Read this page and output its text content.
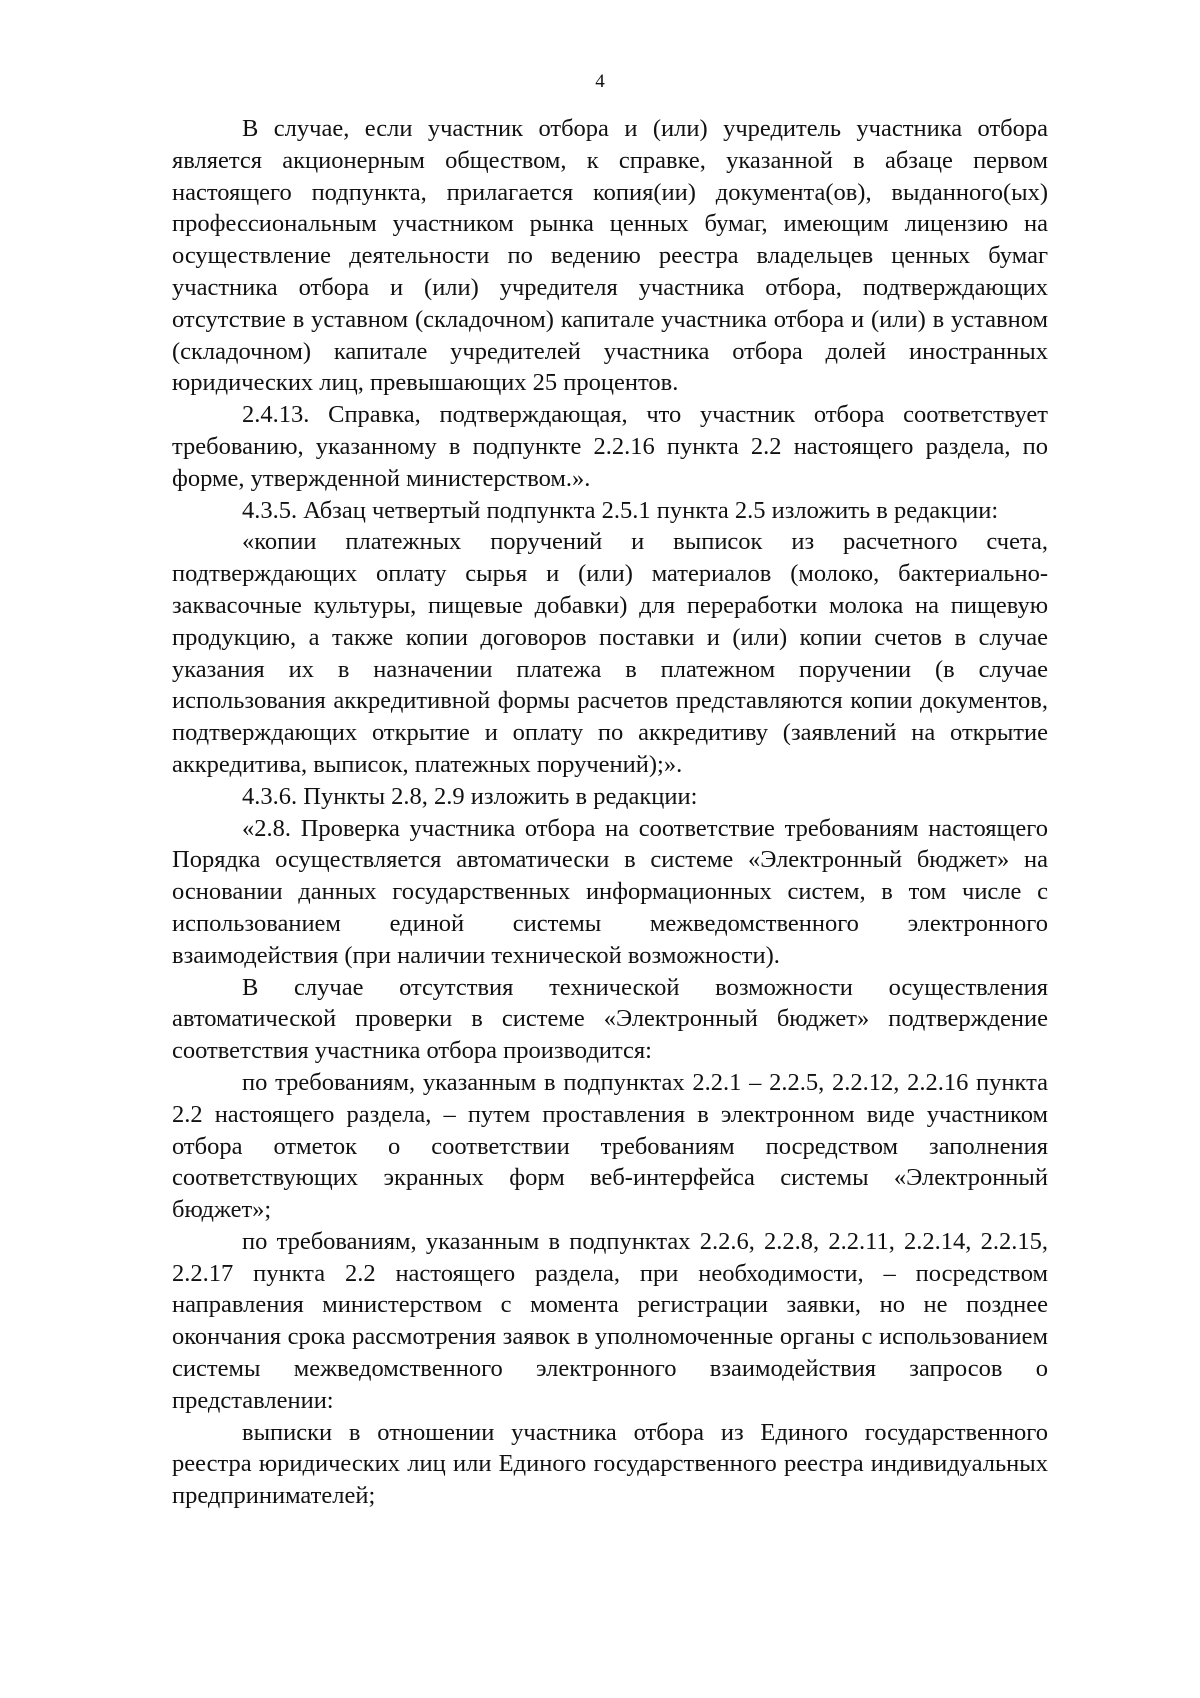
4

В случае, если участник отбора и (или) учредитель участника отбора является акционерным обществом, к справке, указанной в абзаце первом настоящего подпункта, прилагается копия(ии) документа(ов), выданного(ых) профессиональным участником рынка ценных бумаг, имеющим лицензию на осуществление деятельности по ведению реестра владельцев ценных бумаг участника отбора и (или) учредителя участника отбора, подтверждающих отсутствие в уставном (складочном) капитале участника отбора и (или) в уставном (складочном) капитале учредителей участника отбора долей иностранных юридических лиц, превышающих 25 процентов.

2.4.13. Справка, подтверждающая, что участник отбора соответствует требованию, указанному в подпункте 2.2.16 пункта 2.2 настоящего раздела, по форме, утвержденной министерством.».

4.3.5. Абзац четвертый подпункта 2.5.1 пункта 2.5 изложить в редакции:

«копии платежных поручений и выписок из расчетного счета, подтверждающих оплату сырья и (или) материалов (молоко, бактериально-заквасочные культуры, пищевые добавки) для переработки молока на пищевую продукцию, а также копии договоров поставки и (или) копии счетов в случае указания их в назначении платежа в платежном поручении (в случае использования аккредитивной формы расчетов представляются копии документов, подтверждающих открытие и оплату по аккредитиву (заявлений на открытие аккредитива, выписок, платежных поручений);».

4.3.6. Пункты 2.8, 2.9 изложить в редакции:

«2.8. Проверка участника отбора на соответствие требованиям настоящего Порядка осуществляется автоматически в системе «Электронный бюджет» на основании данных государственных информационных систем, в том числе с использованием единой системы межведомственного электронного взаимодействия (при наличии технической возможности).

В случае отсутствия технической возможности осуществления автоматической проверки в системе «Электронный бюджет» подтверждение соответствия участника отбора производится:

по требованиям, указанным в подпунктах 2.2.1 – 2.2.5, 2.2.12, 2.2.16 пункта 2.2 настоящего раздела, – путем проставления в электронном виде участником отбора отметок о соответствии требованиям посредством заполнения соответствующих экранных форм веб-интерфейса системы «Электронный бюджет»;

по требованиям, указанным в подпунктах 2.2.6, 2.2.8, 2.2.11, 2.2.14, 2.2.15, 2.2.17 пункта 2.2 настоящего раздела, при необходимости, – посредством направления министерством с момента регистрации заявки, но не позднее окончания срока рассмотрения заявок в уполномоченные органы с использованием системы межведомственного электронного взаимодействия запросов о представлении:

выписки в отношении участника отбора из Единого государственного реестра юридических лиц или Единого государственного реестра индивидуальных предпринимателей;
